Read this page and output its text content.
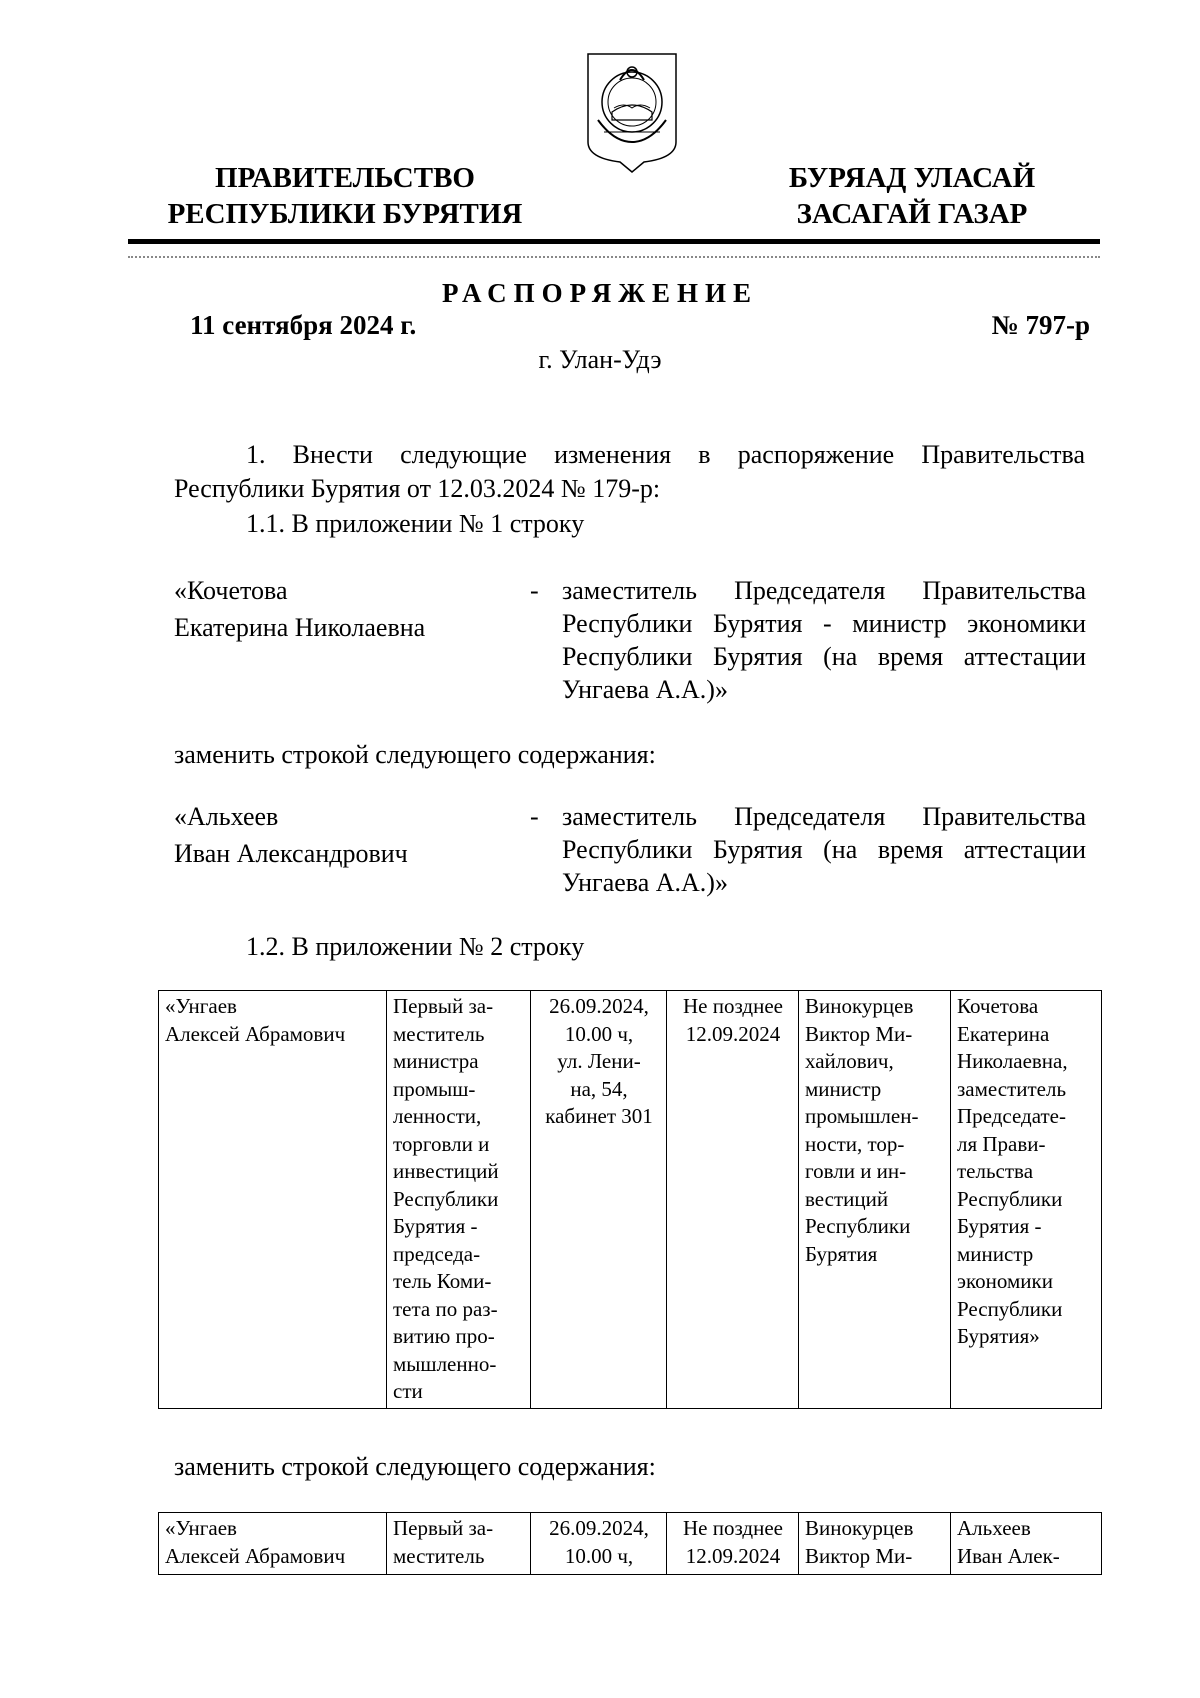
ПРАВИТЕЛЬСТВО
РЕСПУБЛИКИ БУРЯТИЯ
БУРЯАД УЛАСАЙ
ЗАСАГАЙ ГАЗАР
РАСПОРЯЖЕНИЕ
11 сентября 2024 г.	№ 797-р
г. Улан-Удэ
1. Внести следующие изменения в распоряжение Правительства Республики Бурятия от 12.03.2024 № 179-р:
1.1. В приложении № 1 строку
«Кочетова
Екатерина Николаевна
- заместитель Председателя Правительства Республики Бурятия - министр экономики Республики Бурятия (на время аттестации
Унгаева А.А.)»
заменить строкой следующего содержания:
«Альхеев
Иван Александрович
- заместитель Председателя Правительства Республики Бурятия (на время аттестации
Унгаева А.А.)»
1.2. В приложении № 2 строку
«Унгаев
Алексей Абрамович

Первый за-
меститель
министра
промыш-
ленности,
торговли и
инвестиций
Республики
Бурятия -
председа-
тель Коми-
тета по раз-
витию про-
мышленно-
сти

26.09.2024,
10.00 ч,
ул. Лени-
на, 54,
кабинет 301

Не позднее
12.09.2024

Винокурцев
Виктор Ми-
хайлович,
министр
промышлен-
ности, тор-
говли и ин-
вестиций
Республики
Бурятия

Кочетова
Екатерина
Николаевна,
заместитель
Председате-
ля Прави-
тельства
Республики
Бурятия -
министр
экономики
Республики
Бурятия»
заменить строкой следующего содержания:
«Унгаев
Алексей Абрамович

Первый за-
меститель

26.09.2024,
10.00 ч,

Не позднее
12.09.2024

Винокурцев
Виктор Ми-

Альхеев
Иван Алек-
